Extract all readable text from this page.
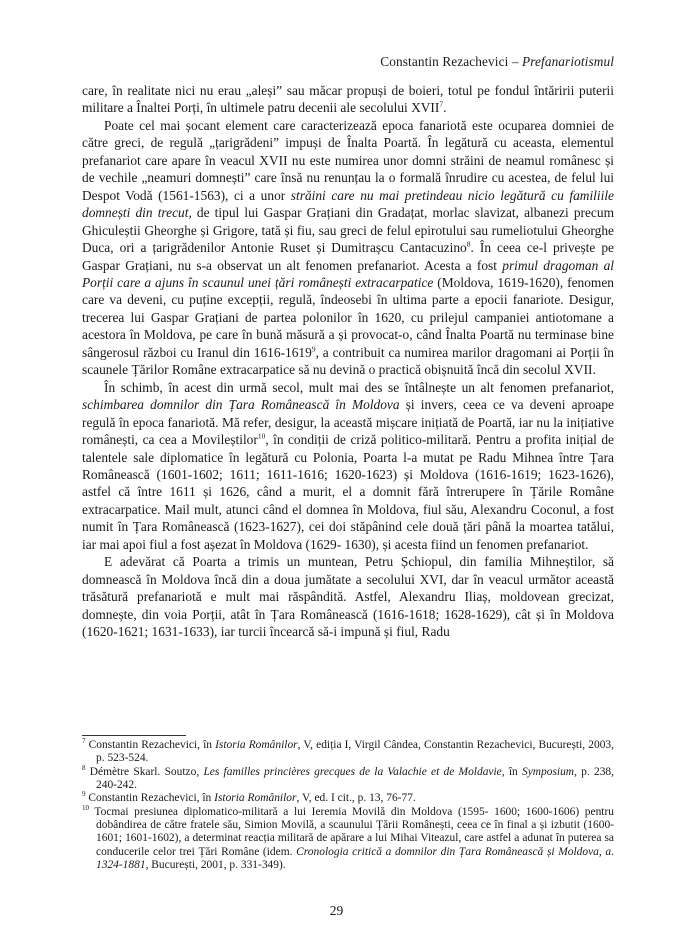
Constantin Rezachevici – Prefanariotismul

care, în realitate nici nu erau „aleși” sau măcar propuși de boieri, totul pe fondul întăririi puterii militare a Înaltei Porți, în ultimele patru decenii ale secolului XVII$^7$.

Poate cel mai șocant element care caracterizează epoca fanariotă este ocuparea domniei de către greci, de regulă „țarigrădeni” impuși de Înalta Poartă. În legătură cu aceasta, elementul prefanariot care apare în veacul XVII nu este numirea unor domni străini de neamul românesc și de vechile „neamuri domnești” care însă nu renunțau la o formală înrudire cu acestea, de felul lui Despot Vodă (1561-1563), ci a unor străini care nu mai pretindeau nicio legătură cu familiile domnești din trecut, de tipul lui Gaspar Grațiani din Gradațat, morlac slavizat, albanezi precum Ghiculeștii Gheorghe și Grigore, tată și fiu, sau greci de felul epirotului sau rumeliotului Gheorghe Duca, ori a țarigrădenilor Antonie Ruset și Dumitrașcu Cantacuzino$^8$. În ceea ce-l privește pe Gaspar Grațiani, nu s-a observat un alt fenomen prefanariot. Acesta a fost primul dragoman al Porții care a ajuns în scaunul unei țări românești extracarpatice (Moldova, 1619-1620), fenomen care va deveni, cu puține excepții, regulă, îndeosebi în ultima parte a epocii fanariote. Desigur, trecerea lui Gaspar Grațiani de partea polonilor în 1620, cu prilejul campaniei antiotomane a acestora în Moldova, pe care în bună măsură a și provocat-o, când Înalta Poartă nu terminase bine sângerosul război cu Iranul din 1616-1619$^9$, a contribuit ca numirea marilor dragomani ai Porții în scaunele Țărilor Române extracarpatice să nu devină o practică obișnuită încă din secolul XVII.

În schimb, în acest din urmă secol, mult mai des se întâlnește un alt fenomen prefanariot, schimbarea domnilor din Țara Românească în Moldova și invers, ceea ce va deveni aproape regulă în epoca fanariotă. Mă refer, desigur, la această mișcare inițiată de Poartă, iar nu la inițiative românești, ca cea a Movileștilor$^{10}$, în condiții de criză politico-militară. Pentru a profita inițial de talentele sale diplomatice în legătură cu Polonia, Poarta l-a mutat pe Radu Mihnea între Țara Românească (1601-1602; 1611; 1611-1616; 1620-1623) și Moldova (1616-1619; 1623-1626), astfel că între 1611 și 1626, când a murit, el a domnit fără întrerupere în Țările Române extracarpatice. Mail mult, atunci când el domnea în Moldova, fiul său, Alexandru Coconul, a fost numit în Țara Românească (1623-1627), cei doi stăpânind cele două țări până la moartea tatălui, iar mai apoi fiul a fost așezat în Moldova (1629- 1630), și acesta fiind un fenomen prefanariot.

E adevărat că Poarta a trimis un muntean, Petru Șchiopul, din familia Mihneștilor, să domnească în Moldova încă din a doua jumătate a secolului XVI, dar în veacul următor această trăsătură prefanariotă e mult mai răspândită. Astfel, Alexandru Iliaș, moldovean grecizat, domnește, din voia Porții, atât în Țara Românească (1616-1618; 1628-1629), cât și în Moldova (1620-1621; 1631-1633), iar turcii încearcă să-i impună și fiul, Radu

$^7$ Constantin Rezachevici, în Istoria Românilor, V, ediția I, Virgil Cândea, Constantin Rezachevici, București, 2003, p. 523-524.

$^8$ Démètre Skarl. Soutzo, Les familles princières grecques de la Valachie et de Moldavie, în Symposium, p. 238, 240-242.

$^9$ Constantin Rezachevici, în Istoria Românilor, V, ed. I cit., p. 13, 76-77.

$^{10}$ Tocmai presiunea diplomatico-militară a lui Ieremia Movilă din Moldova (1595- 1600; 1600-1606) pentru dobândirea de către fratele său, Simion Movilă, a scaunului Țării Românești, ceea ce în final a și izbutit (1600-1601; 1601-1602), a determinat reacția militară de apărare a lui Mihai Viteazul, care astfel a adunat în puterea sa conducerile celor trei Țări Române (idem. Cronologia critică a domnilor din Țara Românească și Moldova, a. 1324-1881, București, 2001, p. 331-349).

29
